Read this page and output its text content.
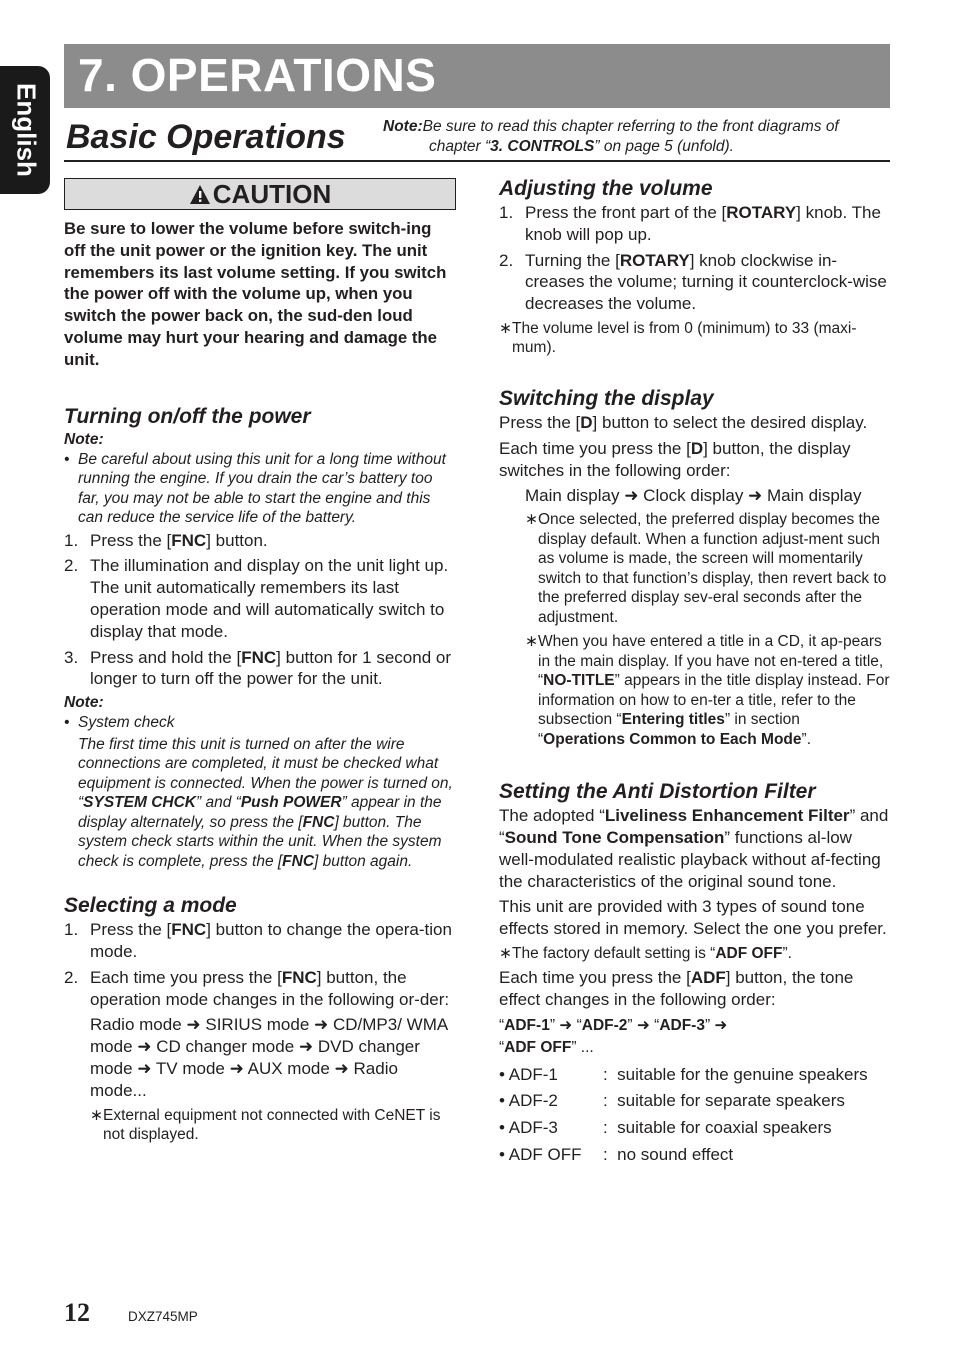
English
7. OPERATIONS
Basic Operations Note:Be sure to read this chapter referring to the front diagrams of
chapter “3. CONTROLS” on page 5 (unfold).
CAUTION
Be sure to lower the volume before switch-ing off the unit power or the ignition key. The unit remembers its last volume setting. If you switch the power off with the volume up, when you switch the power back on, the sud-den loud volume may hurt your hearing and damage the unit.
Turning on/off the power
Note:
• Be careful about using this unit for a long time without running the engine. If you drain the car’s battery too far, you may not be able to start the engine and this can reduce the service life of the battery.
1. Press the [FNC] button.
2. The illumination and display on the unit light up. The unit automatically remembers its last operation mode and will automatically switch to display that mode.
3. Press and hold the [FNC] button for 1 second or longer to turn off the power for the unit.
Note:
• System check
The first time this unit is turned on after the wire connections are completed, it must be checked what equipment is connected. When the power is turned on, “SYSTEM CHCK” and “Push POWER” appear in the display alternately, so press the [FNC] button. The system check starts within the unit. When the system check is complete, press the [FNC] button again.
Selecting a mode
1. Press the [FNC] button to change the opera-tion mode.
2. Each time you press the [FNC] button, the operation mode changes in the following or-der:
Radio mode ➜ SIRIUS mode ➜ CD/MP3/ WMA mode ➜ CD changer mode ➜ DVD changer mode ➜ TV mode ➜ AUX mode ➜ Radio mode...
∗ External equipment not connected with CeNET is not displayed.
Adjusting the volume
1. Press the front part of the [ROTARY] knob. The knob will pop up.
2. Turning the [ROTARY] knob clockwise in-creases the volume; turning it counterclock-wise decreases the volume.
∗ The volume level is from 0 (minimum) to 33 (maxi-mum).
Switching the display
Press the [D] button to select the desired display.
Each time you press the [D] button, the display switches in the following order:
Main display ➜ Clock display ➜ Main display
∗ Once selected, the preferred display becomes the display default. When a function adjust-ment such as volume is made, the screen will momentarily switch to that function’s display, then revert back to the preferred display sev-eral seconds after the adjustment.
∗ When you have entered a title in a CD, it ap-pears in the main display. If you have not en-tered a title, “NO-TITLE” appears in the title display instead. For information on how to en-ter a title, refer to the subsection “Entering titles” in section “Operations Common to Each Mode”.
Setting the Anti Distortion Filter
The adopted “Liveliness Enhancement Filter” and “Sound Tone Compensation” functions al-low well-modulated realistic playback without af-fecting the characteristics of the original sound tone.
This unit are provided with 3 types of sound tone effects stored in memory. Select the one you prefer.
∗ The factory default setting is “ADF OFF”.
Each time you press the [ADF] button, the tone effect changes in the following order:
“ADF-1” ➜ “ADF-2” ➜ “ADF-3” ➜
“ADF OFF” ...
• ADF-1	:  suitable for the genuine speakers
• ADF-2	:  suitable for separate speakers
• ADF-3	:  suitable for coaxial speakers
• ADF OFF	:  no sound effect
12	DXZ745MP
